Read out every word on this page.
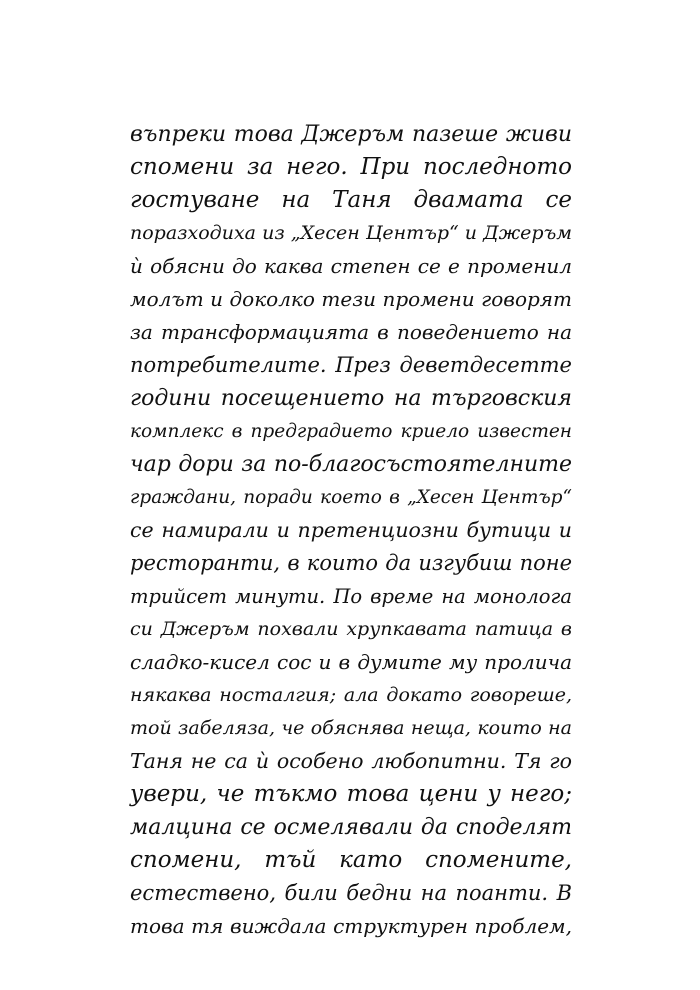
въпреки това Джеръм пазеше живи
спомени за него. При последното
гостуване на Таня двамата се
поразходиха из „Хесен Център“ и Джеръм
ѝ обясни до каква степен се е променил
молът и доколко тези промени говорят
за трансформацията в поведението на
потребителите. През деветдесетте
години посещението на търговския
комплекс в предградието криело известен
чар дори за по-благосъстоятелните
граждани, поради което в „Хесен Център“
се намирали и претенциозни бутици и
ресторанти, в които да изгубиш поне
трийсет минути. По време на монолога
си Джеръм похвали хрупкавата патица в
сладко-кисел сос и в думите му пролича
някаква носталгия; ала докато говореше,
той забеляза, че обяснява неща, които на
Таня не са ѝ особено любопитни. Тя го
увери, че тъкмо това цени у него;
малцина се осмелявали да споделят
спомени, тъй като спомените,
естествено, били бедни на поанти. В
това тя виждала структурен проблем,
